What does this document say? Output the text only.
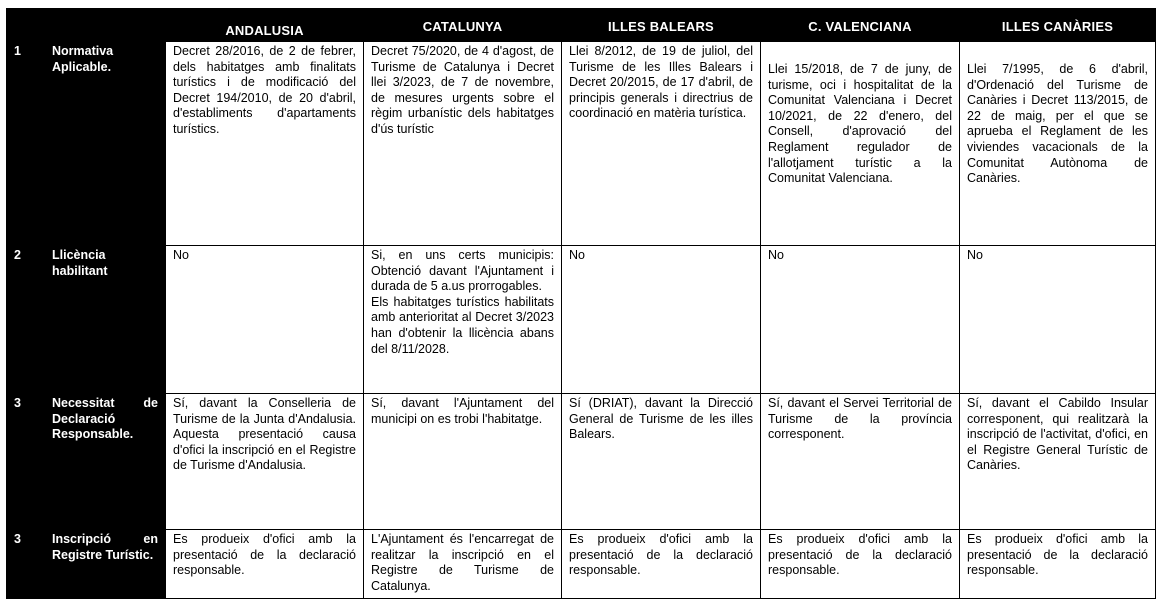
		ANDALUSIA	CATALUNYA	ILLES BALEARS	C. VALENCIANA	ILLES CANÀRIES
1	Normativa Aplicable.	Decret 28/2016, de 2 de febrer, dels habitatges amb finalitats turístics i de modificació del Decret 194/2010, de 20 d'abril, d'establiments d'apartaments turístics.	Decret 75/2020, de 4 d'agost, de Turisme de Catalunya i Decret llei 3/2023, de 7 de novembre, de mesures urgents sobre el règim urbanístic dels habitatges d'ús turístic	Llei 8/2012, de 19 de juliol, del Turisme de les Illes Balears i Decret 20/2015, de 17 d'abril, de principis generals i directrius de coordinació en matèria turística.	Llei 15/2018, de 7 de juny, de turisme, oci i hospitalitat de la Comunitat Valenciana i Decret 10/2021, de 22 d'enero, del Consell, d'aprovació del Reglament regulador de l'allotjament turístic a la Comunitat Valenciana.	Llei 7/1995, de 6 d'abril, d'Ordenació del Turisme de Canàries i Decret 113/2015, de 22 de maig, per el que se aprueba el Reglament de les viviendes vacacionals de la Comunitat Autònoma de Canàries.
2	Llicència habilitant	No	Si, en uns certs municipis: Obtenció davant l'Ajuntament i durada de 5 a.us prorrogables.
Els habitatges turístics habilitats amb anterioritat al Decret 3/2023 han d'obtenir la llicència abans del 8/11/2028.	No	No	No
3	Necessitat de Declaració Responsable.	Sí, davant la Conselleria de Turisme de la Junta d'Andalusia. Aquesta presentació causa d'ofici la inscripció en el Registre de Turisme d'Andalusia.	Sí, davant l'Ajuntament del municipi on es trobi l'habitatge.	Sí (DRIAT), davant la Direcció General de Turisme de les illes Balears.	Sí, davant el Servei Territorial de Turisme de la província corresponent.	Sí, davant el Cabildo Insular corresponent, qui realitzarà la inscripció de l'activitat, d'ofici, en el Registre General Turístic de Canàries.
3	Inscripció en Registre Turístic.	Es produeix d'ofici amb la presentació de la declaració responsable.	L'Ajuntament és l'encarregat de realitzar la inscripció en el Registre de Turisme de Catalunya.	Es produeix d'ofici amb la presentació de la declaració responsable.	Es produeix d'ofici amb la presentació de la declaració responsable.	Es produeix d'ofici amb la presentació de la declaració responsable.
